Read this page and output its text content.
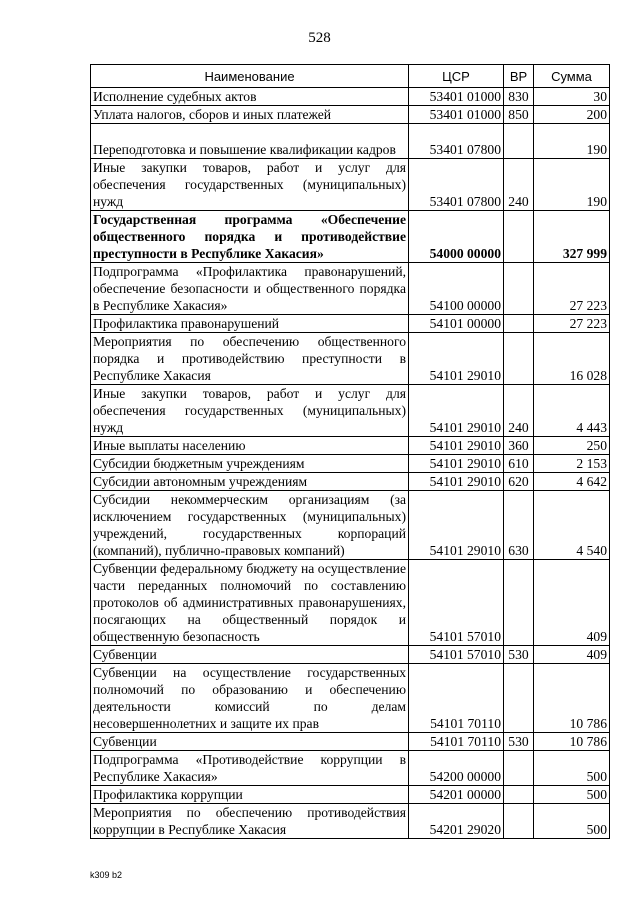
528
Наименование	ЦСР	ВР	Сумма
Исполнение судебных актов	53401 01000	830	30
Уплата налогов, сборов и иных платежей	53401 01000	850	200
Переподготовка и повышение квалификации кадров	53401 07800		190
Иные закупки товаров, работ и услуг для обеспечения государственных (муниципальных) нужд	53401 07800	240	190
Государственная программа «Обеспечение общественного порядка и противодействие преступности в Республике Хакасия»	54000 00000		327 999
Подпрограмма «Профилактика правонарушений, обеспечение безопасности и общественного порядка в Республике Хакасия»	54100 00000		27 223
Профилактика правонарушений	54101 00000		27 223
Мероприятия по обеспечению общественного порядка и противодействию преступности в Республике Хакасия	54101 29010		16 028
Иные закупки товаров, работ и услуг для обеспечения государственных (муниципальных) нужд	54101 29010	240	4 443
Иные выплаты населению	54101 29010	360	250
Субсидии бюджетным учреждениям	54101 29010	610	2 153
Субсидии автономным учреждениям	54101 29010	620	4 642
Субсидии некоммерческим организациям (за исключением государственных (муниципальных) учреждений, государственных корпораций (компаний), публично-правовых компаний)	54101 29010	630	4 540
Субвенции федеральному бюджету на осуществление части переданных полномочий по составлению протоколов об административных правонарушениях, посягающих на общественный порядок и общественную безопасность	54101 57010		409
Субвенции	54101 57010	530	409
Субвенции на осуществление государственных полномочий по образованию и обеспечению деятельности комиссий по делам несовершеннолетних и защите их прав	54101 70110		10 786
Субвенции	54101 70110	530	10 786
Подпрограмма «Противодействие коррупции в Республике Хакасия»	54200 00000		500
Профилактика коррупции	54201 00000		500
Мероприятия по обеспечению противодействия коррупции в Республике Хакасия	54201 29020		500
k309 b2
